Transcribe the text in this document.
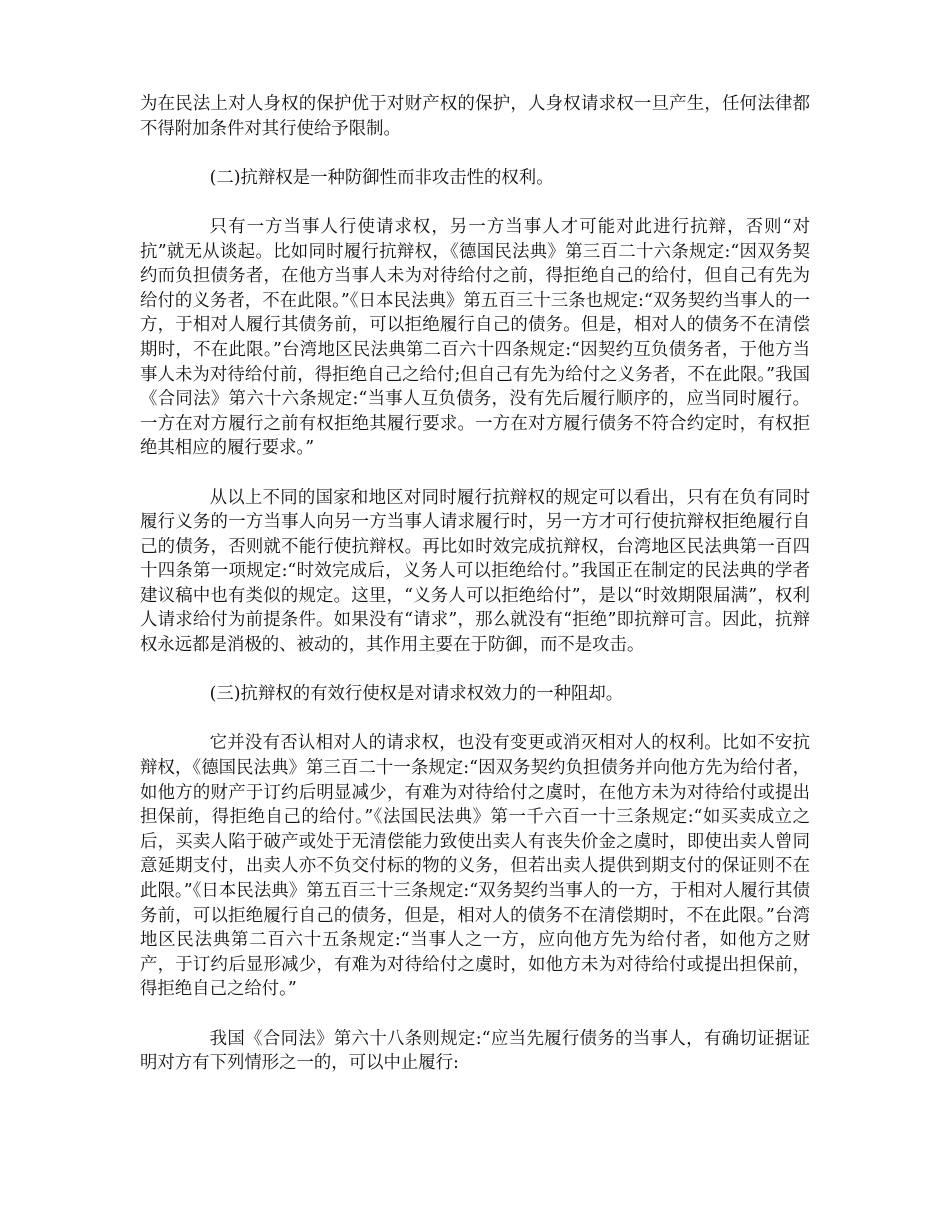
为在民法上对人身权的保护优于对财产权的保护，人身权请求权一旦产生，任何法律都不得附加条件对其行使给予限制。

(二)抗辩权是一种防御性而非攻击性的权利。

只有一方当事人行使请求权，另一方当事人才可能对此进行抗辩，否则“对抗”就无从谈起。比如同时履行抗辩权，《德国民法典》第三百二十六条规定:“因双务契约而负担债务者，在他方当事人未为对待给付之前，得拒绝自己的给付，但自己有先为给付的义务者，不在此限。”《日本民法典》第五百三十三条也规定:“双务契约当事人的一方，于相对人履行其债务前，可以拒绝履行自己的债务。但是，相对人的债务不在清偿期时，不在此限。”台湾地区民法典第二百六十四条规定:“因契约互负债务者，于他方当事人未为对待给付前，得拒绝自己之给付;但自己有先为给付之义务者，不在此限。”我国《合同法》第六十六条规定:“当事人互负债务，没有先后履行顺序的，应当同时履行。一方在对方履行之前有权拒绝其履行要求。一方在对方履行债务不符合约定时，有权拒绝其相应的履行要求。”

从以上不同的国家和地区对同时履行抗辩权的规定可以看出，只有在负有同时履行义务的一方当事人向另一方当事人请求履行时，另一方才可行使抗辩权拒绝履行自己的债务，否则就不能行使抗辩权。再比如时效完成抗辩权，台湾地区民法典第一百四十四条第一项规定:“时效完成后，义务人可以拒绝给付。”我国正在制定的民法典的学者建议稿中也有类似的规定。这里，“义务人可以拒绝给付”，是以“时效期限届满”，权利人请求给付为前提条件。如果没有“请求”，那么就没有“拒绝”即抗辩可言。因此，抗辩权永远都是消极的、被动的，其作用主要在于防御，而不是攻击。

(三)抗辩权的有效行使权是对请求权效力的一种阻却。

它并没有否认相对人的请求权，也没有变更或消灭相对人的权利。比如不安抗辩权，《德国民法典》第三百二十一条规定:“因双务契约负担债务并向他方先为给付者，如他方的财产于订约后明显减少，有难为对待给付之虞时，在他方未为对待给付或提出担保前，得拒绝自己的给付。”《法国民法典》第一千六百一十三条规定:“如买卖成立之后，买卖人陷于破产或处于无清偿能力致使出卖人有丧失价金之虞时，即使出卖人曾同意延期支付，出卖人亦不负交付标的物的义务，但若出卖人提供到期支付的保证则不在此限。”《日本民法典》第五百三十三条规定:“双务契约当事人的一方，于相对人履行其债务前，可以拒绝履行自己的债务，但是，相对人的债务不在清偿期时，不在此限。”台湾地区民法典第二百六十五条规定:“当事人之一方，应向他方先为给付者，如他方之财产，于订约后显形减少，有难为对待给付之虞时，如他方未为对待给付或提出担保前，得拒绝自己之给付。”

我国《合同法》第六十八条则规定:“应当先履行债务的当事人，有确切证据证明对方有下列情形之一的，可以中止履行:
